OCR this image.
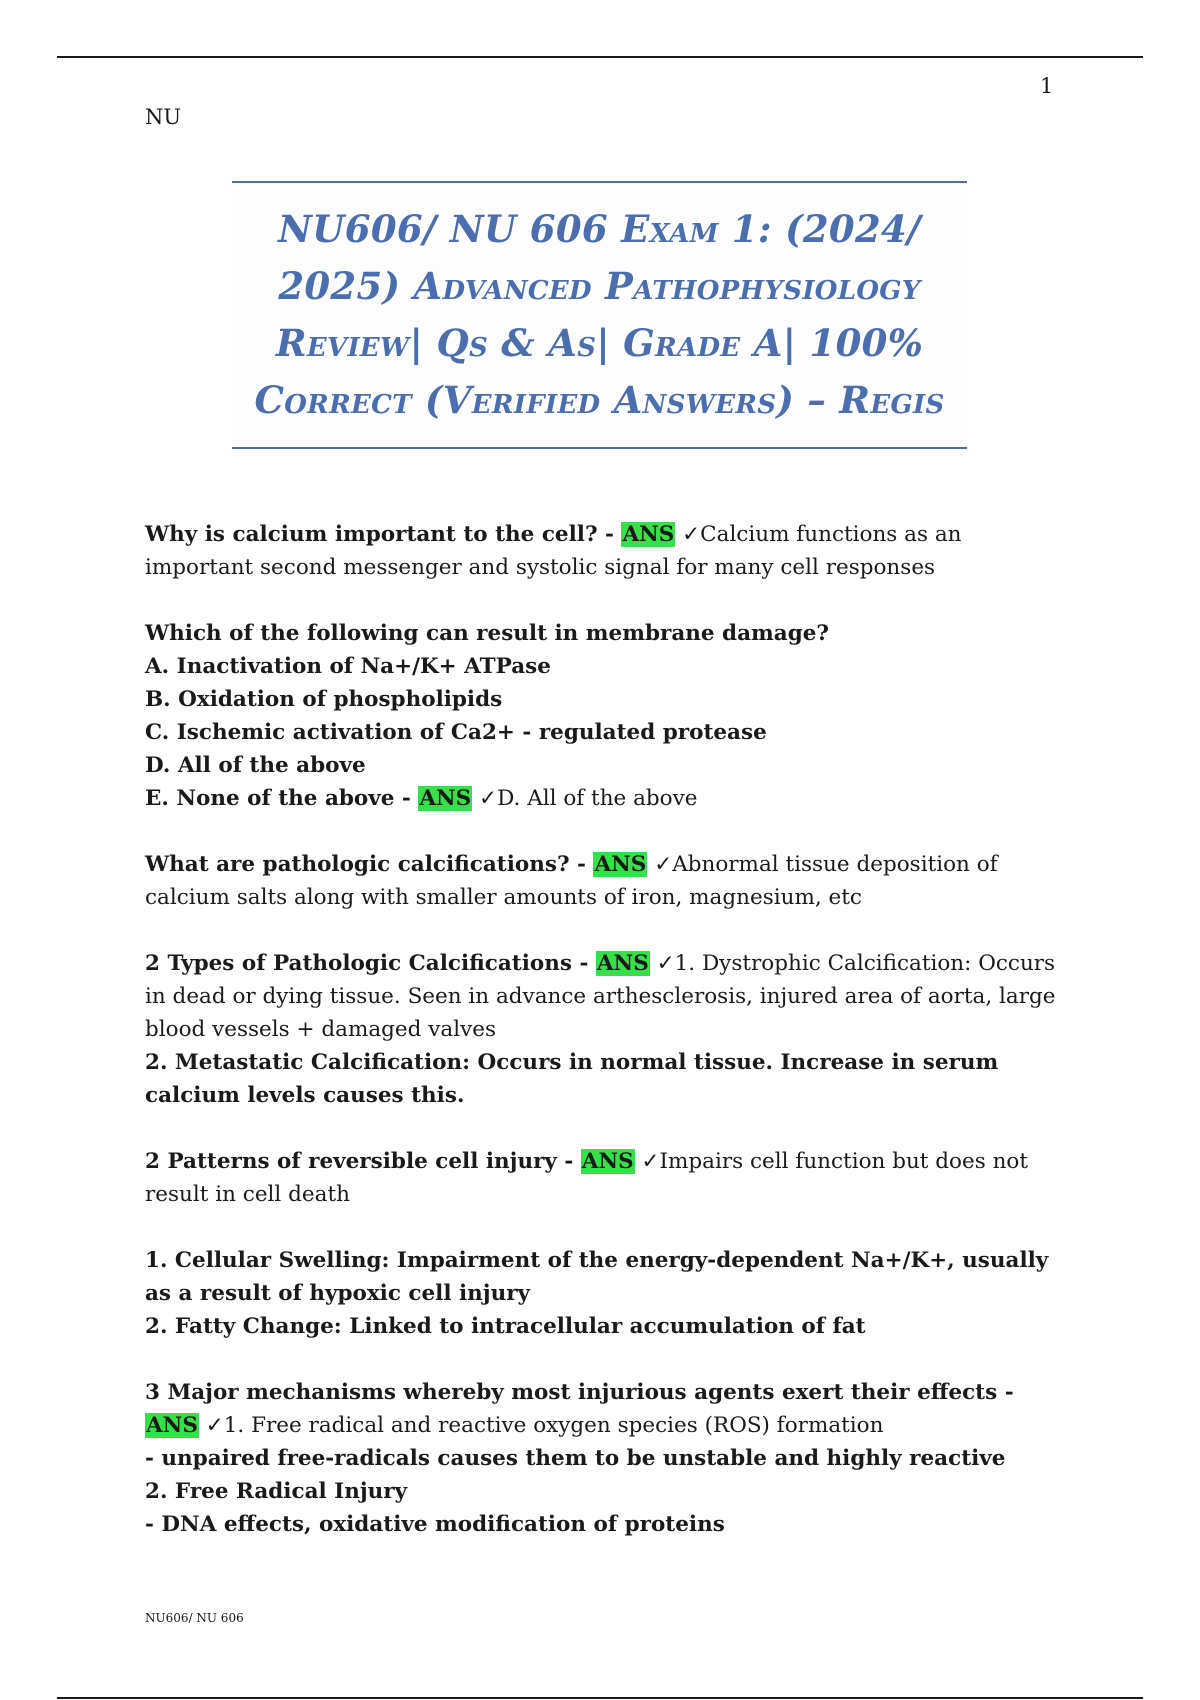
1
NU
NU606/ NU 606 Exam 1: (2024/ 2025) Advanced Pathophysiology Review| Qs & As| Grade A| 100% Correct (Verified Answers) – Regis

Why is calcium important to the cell? - ANS ✓Calcium functions as an important second messenger and systolic signal for many cell responses

Which of the following can result in membrane damage?

A. Inactivation of Na+/K+ ATPase

B. Oxidation of phospholipids

C. Ischemic activation of Ca2+ - regulated protease

D. All of the above

E. None of the above - ANS ✓D. All of the above

What are pathologic calcifications? - ANS ✓Abnormal tissue deposition of calcium salts along with smaller amounts of iron, magnesium, etc

2 Types of Pathologic Calcifications - ANS ✓1. Dystrophic Calcification: Occurs in dead or dying tissue. Seen in advance arthesclerosis, injured area of aorta, large blood vessels + damaged valves

2. Metastatic Calcification: Occurs in normal tissue. Increase in serum calcium levels causes this.

2 Patterns of reversible cell injury - ANS ✓Impairs cell function but does not result in cell death

1. Cellular Swelling: Impairment of the energy-dependent Na+/K+, usually as a result of hypoxic cell injury

2. Fatty Change: Linked to intracellular accumulation of fat

3 Major mechanisms whereby most injurious agents exert their effects - ANS ✓1. Free radical and reactive oxygen species (ROS) formation

- unpaired free-radicals causes them to be unstable and highly reactive

2. Free Radical Injury

- DNA effects, oxidative modification of proteins

NU606/ NU 606
